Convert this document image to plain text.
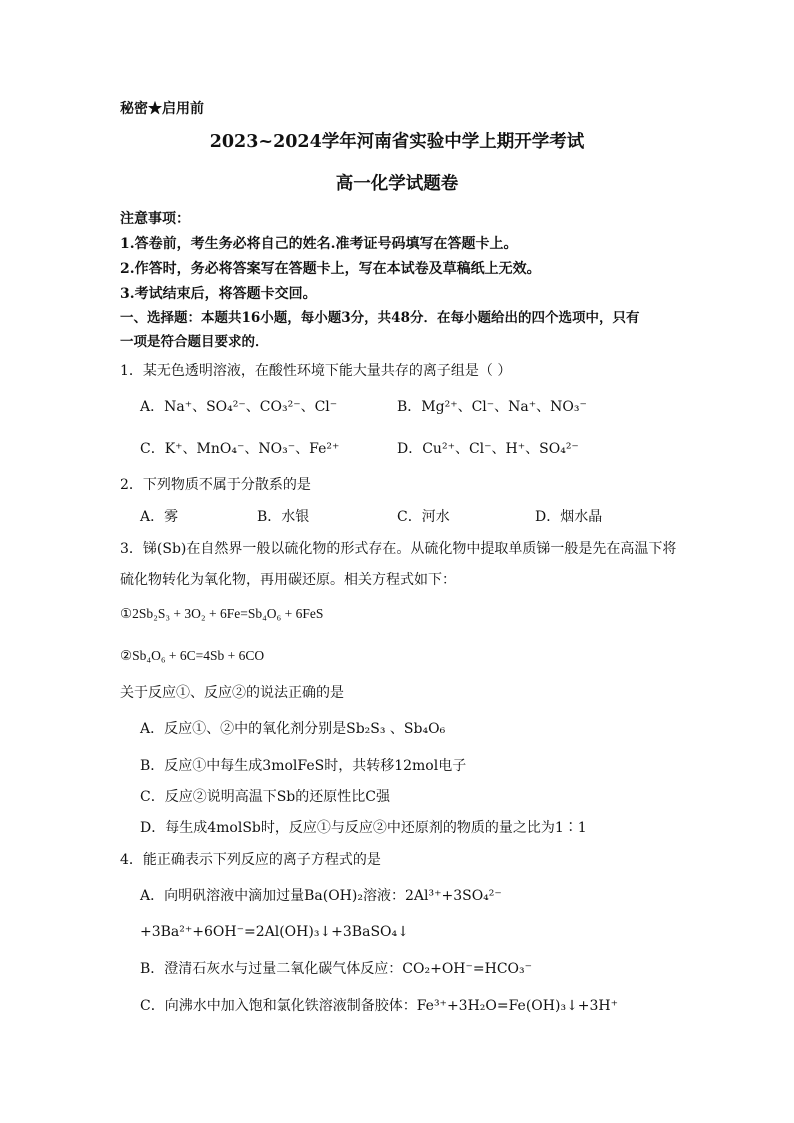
秘密★启用前
2023~2024学年河南省实验中学上期开学考试
高一化学试题卷
注意事项：
1.答卷前，考生务必将自己的姓名.准考证号码填写在答题卡上。
2.作答时，务必将答案写在答题卡上，写在本试卷及草稿纸上无效。
3.考试结束后，将答题卡交回。
一、选择题：本题共16小题，每小题3分，共48分．在每小题给出的四个选项中，只有
一项是符合题目要求的．
1．某无色透明溶液，在酸性环境下能大量共存的离子组是（ ）
A．Na⁺、SO₄²⁻、CO₃²⁻、Cl⁻	B．Mg²⁺、Cl⁻、Na⁺、NO₃⁻
C．K⁺、MnO₄⁻、NO₃⁻、Fe²⁺	D．Cu²⁺、Cl⁻、H⁺、SO₄²⁻
2．下列物质不属于分散系的是
A．雾	B．水银	C．河水	D．烟水晶
3．锑(Sb)在自然界一般以硫化物的形式存在。从硫化物中提取单质锑一般是先在高温下将
硫化物转化为氧化物，再用碳还原。相关方程式如下：
①2Sb₂S₃ + 3O₂ + 6Fe=Sb₄O₆ + 6FeS
②Sb₄O₆ + 6C=4Sb + 6CO
关于反应①、反应②的说法正确的是
A．反应①、②中的氧化剂分别是Sb₂S₃ 、Sb₄O₆
B．反应①中每生成3molFeS时，共转移12mol电子
C．反应②说明高温下Sb的还原性比C强
D．每生成4molSb时，反应①与反应②中还原剂的物质的量之比为1∶1
4．能正确表示下列反应的离子方程式的是
A．向明矾溶液中滴加过量Ba(OH)₂溶液：2Al³⁺+3SO₄²⁻
+3Ba²⁺+6OH⁻=2Al(OH)₃↓+3BaSO₄↓
B．澄清石灰水与过量二氧化碳气体反应：CO₂+OH⁻=HCO₃⁻
C．向沸水中加入饱和氯化铁溶液制备胶体：Fe³⁺+3H₂O=Fe(OH)₃↓+3H⁺
